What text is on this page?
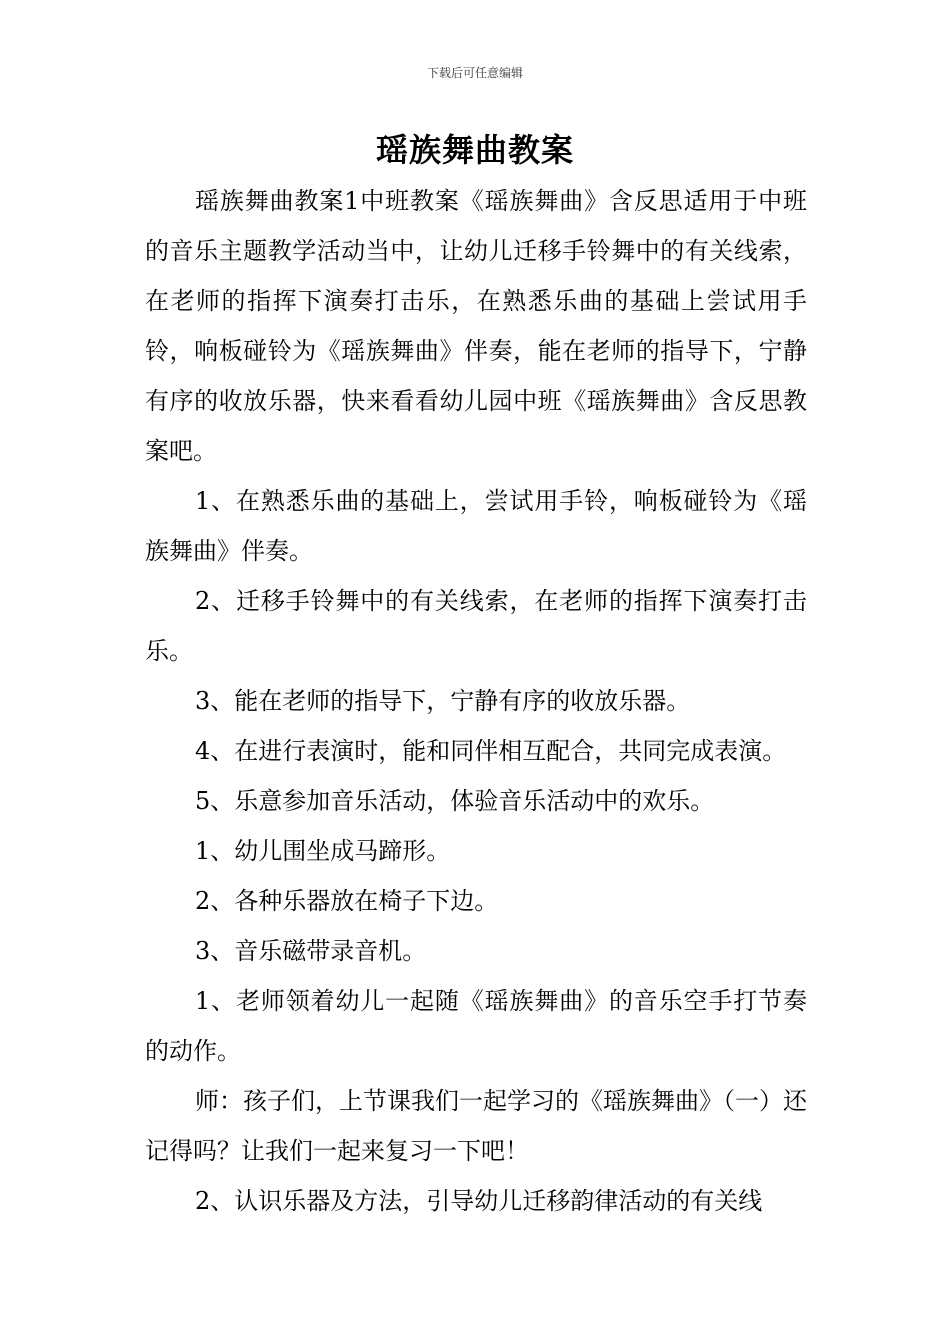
下载后可任意编辑
瑶族舞曲教案

瑶族舞曲教案1中班教案《瑶族舞曲》含反思适用于中班的音乐主题教学活动当中，让幼儿迁移手铃舞中的有关线索，在老师的指挥下演奏打击乐，在熟悉乐曲的基础上尝试用手铃，响板碰铃为《瑶族舞曲》伴奏，能在老师的指导下，宁静有序的收放乐器，快来看看幼儿园中班《瑶族舞曲》含反思教案吧。

1、在熟悉乐曲的基础上，尝试用手铃，响板碰铃为《瑶族舞曲》伴奏。

2、迁移手铃舞中的有关线索，在老师的指挥下演奏打击乐。

3、能在老师的指导下，宁静有序的收放乐器。

4、在进行表演时，能和同伴相互配合，共同完成表演。

5、乐意参加音乐活动，体验音乐活动中的欢乐。

1、幼儿围坐成马蹄形。

2、各种乐器放在椅子下边。

3、音乐磁带录音机。

1、老师领着幼儿一起随《瑶族舞曲》的音乐空手打节奏的动作。

师：孩子们，上节课我们一起学习的《瑶族舞曲》（一）还记得吗？让我们一起来复习一下吧！

2、认识乐器及方法，引导幼儿迁移韵律活动的有关线
